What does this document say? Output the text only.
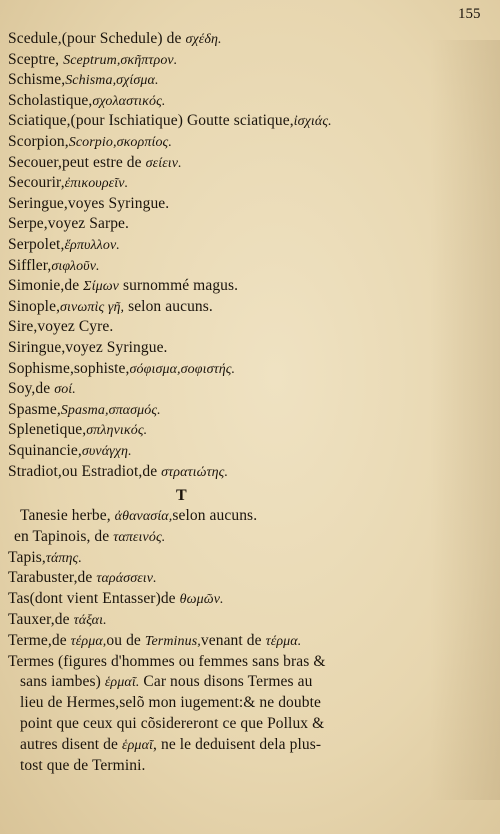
155
Scedule,(pour Schedule) de σχέδη.
Sceptre, Sceptrum,σκῆπτρον.
Schisme,Schisma,σχίσμα.
Scholastique,σχολαστικός.
Sciatique,(pour Ischiatique) Goutte sciatique,ἰσχιάς.
Scorpion,Scorpio,σκορπίος.
Secouer,peut estre de σείειν.
Secourir,ἐπικουρεῖν.
Seringue,voyes Syringue.
Serpe,voyez Sarpe.
Serpolet,ἕρπυλλον.
Siffler,σιφλοῦν.
Simonie,de Σίμων surnommé magus.
Sinople,σινωπὶς γῆ, selon aucuns.
Sire,voyez Cyre.
Siringue,voyez Syringue.
Sophisme,sophiste,σόφισμα,σοφιστής.
Soy,de σοί.
Spasme,Spasma,σπασμός.
Splenetique,σπληνικός.
Squinancie,συνάγχη.
Stradiot,ou Estradiot,de στρατιώτης.
T
Tanesie herbe, ἀθανασία,selon aucuns.
en Tapinois, de ταπεινός.
Tapis,τάπης.
Tarabuster,de ταράσσειν.
Tas(dont vient Entasser)de θωμῶν.
Tauxer,de τάξαι.
Terme,de τέρμα,ou de Terminus,venant de τέρμα.
Termes (figures d'hommes ou femmes sans bras &
sans iambes) ἑρμαῖ. Car nous disons Termes au
lieu de Hermes,selõ mon iugement:& ne doubte
point que ceux qui cõsidereront ce que Pollux &
autres disent de ἑρμαῖ, ne le deduisent dela plus-
tost que de Termini.
